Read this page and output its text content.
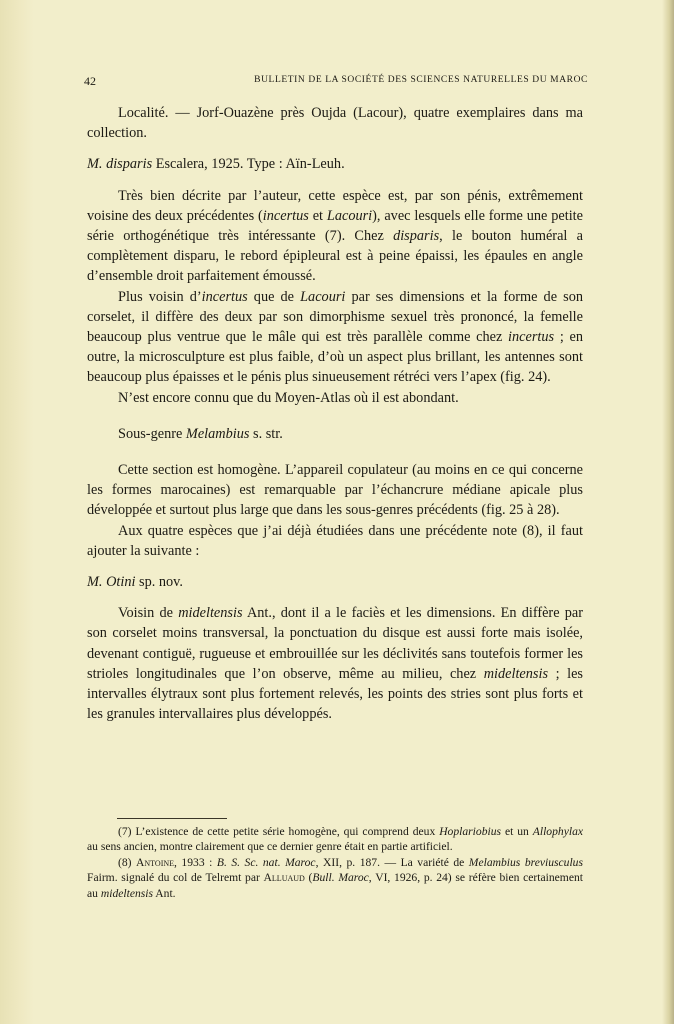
42	BULLETIN DE LA SOCIÉTÉ DES SCIENCES NATURELLES DU MAROC

Localité. — Jorf-Ouazène près Oujda (Lacour), quatre exemplaires dans ma collection.

M. disparis Escalera, 1925. Type : Aïn-Leuh.

Très bien décrite par l’auteur, cette espèce est, par son pénis, extrêmement voisine des deux précédentes (incertus et Lacouri), avec lesquels elle forme une petite série orthogénétique très intéressante (7). Chez disparis, le bouton huméral a complètement disparu, le rebord épipleural est à peine épaissi, les épaules en angle d’ensemble droit parfaitement émoussé.

Plus voisin d’incertus que de Lacouri par ses dimensions et la forme de son corselet, il diffère des deux par son dimorphisme sexuel très prononcé, la femelle beaucoup plus ventrue que le mâle qui est très parallèle comme chez incertus ; en outre, la microsculpture est plus faible, d’où un aspect plus brillant, les antennes sont beaucoup plus épaisses et le pénis plus sinueusement rétréci vers l’apex (fig. 24).

N’est encore connu que du Moyen-Atlas où il est abondant.

Sous-genre Melambius s. str.

Cette section est homogène. L’appareil copulateur (au moins en ce qui concerne les formes marocaines) est remarquable par l’échancrure médiane apicale plus développée et surtout plus large que dans les sous-genres précédents (fig. 25 à 28).

Aux quatre espèces que j’ai déjà étudiées dans une précédente note (8), il faut ajouter la suivante :

M. Otini sp. nov.

Voisin de mideltensis Ant., dont il a le faciès et les dimensions. En diffère par son corselet moins transversal, la ponctuation du disque est aussi forte mais isolée, devenant contiguë, rugueuse et embrouillée sur les déclivités sans toutefois former les strioles longitudinales que l’on observe, même au milieu, chez mideltensis ; les intervalles élytraux sont plus fortement relevés, les points des stries sont plus forts et les granules intervallaires plus développés.

(7) L’existence de cette petite série homogène, qui comprend deux Hoplariobius et un Allophylax au sens ancien, montre clairement que ce dernier genre était en partie artificiel.

(8) Antoine, 1933 : B. S. Sc. nat. Maroc, XII, p. 187. — La variété de Melambius breviusculus Fairm. signalé du col de Telremt par Alluaud (Bull. Maroc, VI, 1926, p. 24) se réfère bien certainement au mideltensis Ant.
